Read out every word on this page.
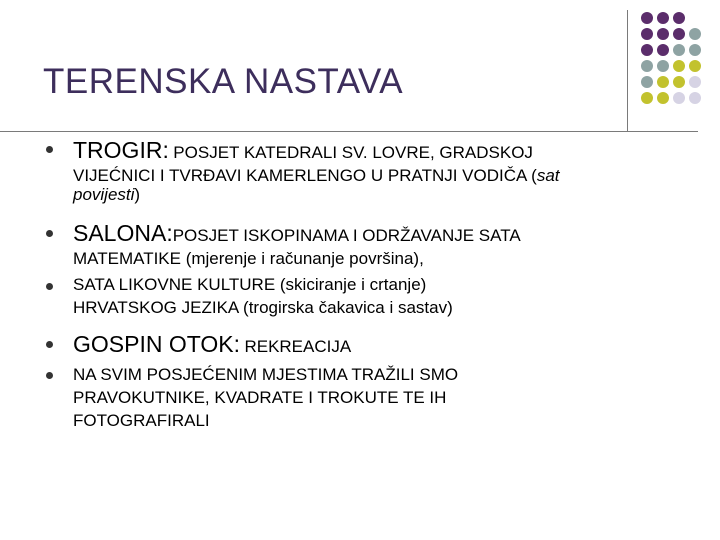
TERENSKA NASTAVA
TROGIR: POSJET KATEDRALI SV. LOVRE, GRADSKOJ
VIJEĆNICI I TVRĐAVI KAMERLENGO U PRATNJI VODIČA (sat
povijesti)
SALONA:POSJET ISKOPINAMA I ODRŽAVANJE SATA
MATEMATIKE (mjerenje i računanje površina),
SATA LIKOVNE KULTURE (skiciranje i crtanje)
HRVATSKOG JEZIKA (trogirska čakavica i sastav)
GOSPIN OTOK: REKREACIJA
NA SVIM POSJEĆENIM MJESTIMA TRAŽILI SMO
PRAVOKUTNIKE, KVADRATE I TROKUTE TE IH
FOTOGRAFIRALI
